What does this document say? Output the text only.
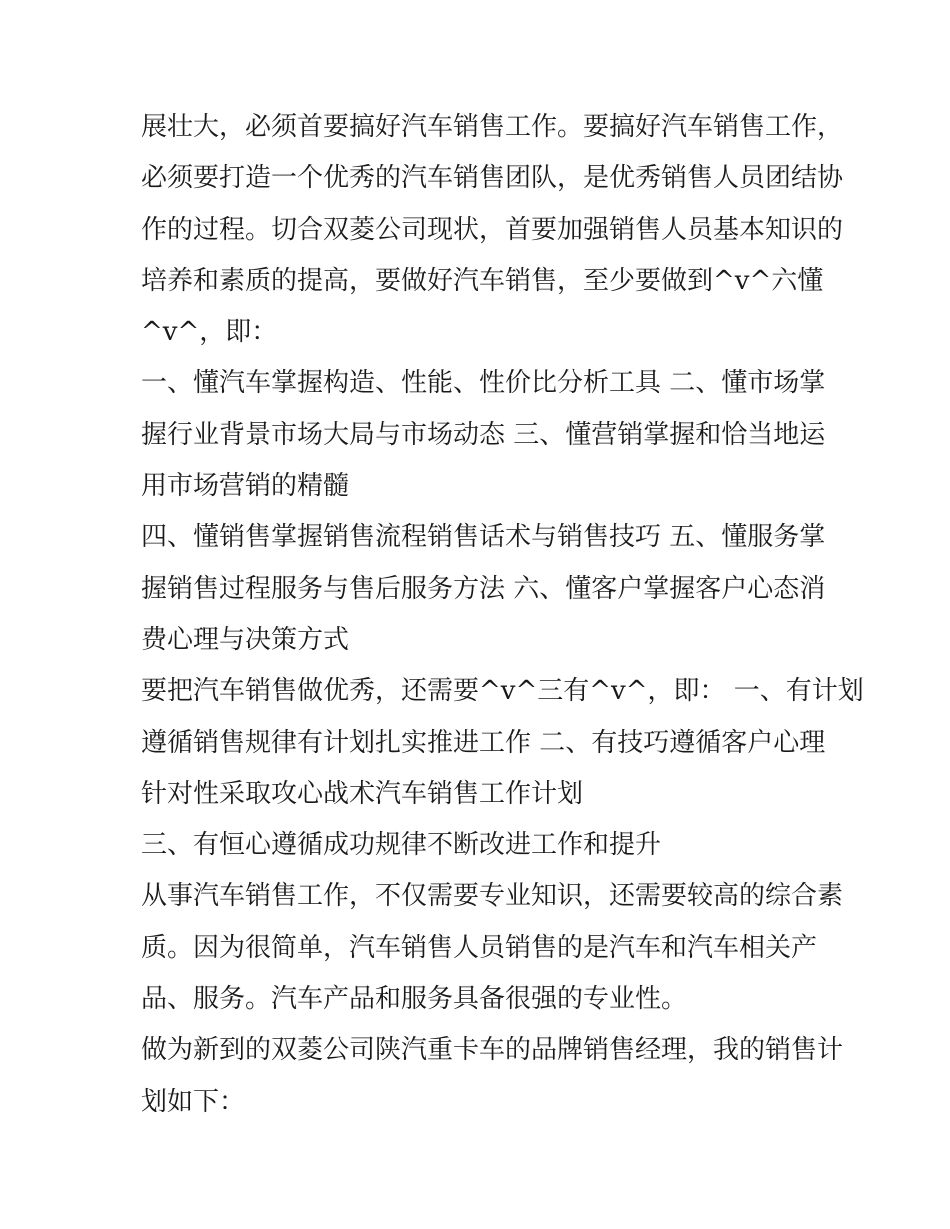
展壮大，必须首要搞好汽车销售工作。要搞好汽车销售工作，
必须要打造一个优秀的汽车销售团队，是优秀销售人员团结协
作的过程。切合双菱公司现状，首要加强销售人员基本知识的
培养和素质的提高，要做好汽车销售，至少要做到^v^六懂
^v^，即：
一、懂汽车掌握构造、性能、性价比分析工具 二、懂市场掌
握行业背景市场大局与市场动态 三、懂营销掌握和恰当地运
用市场营销的精髓
四、懂销售掌握销售流程销售话术与销售技巧 五、懂服务掌
握销售过程服务与售后服务方法 六、懂客户掌握客户心态消
费心理与决策方式
要把汽车销售做优秀，还需要^v^三有^v^，即： 一、有计划
遵循销售规律有计划扎实推进工作 二、有技巧遵循客户心理
针对性采取攻心战术汽车销售工作计划
三、有恒心遵循成功规律不断改进工作和提升
从事汽车销售工作，不仅需要专业知识，还需要较高的综合素
质。因为很简单，汽车销售人员销售的是汽车和汽车相关产
品、服务。汽车产品和服务具备很强的专业性。
做为新到的双菱公司陕汽重卡车的品牌销售经理，我的销售计
划如下：
